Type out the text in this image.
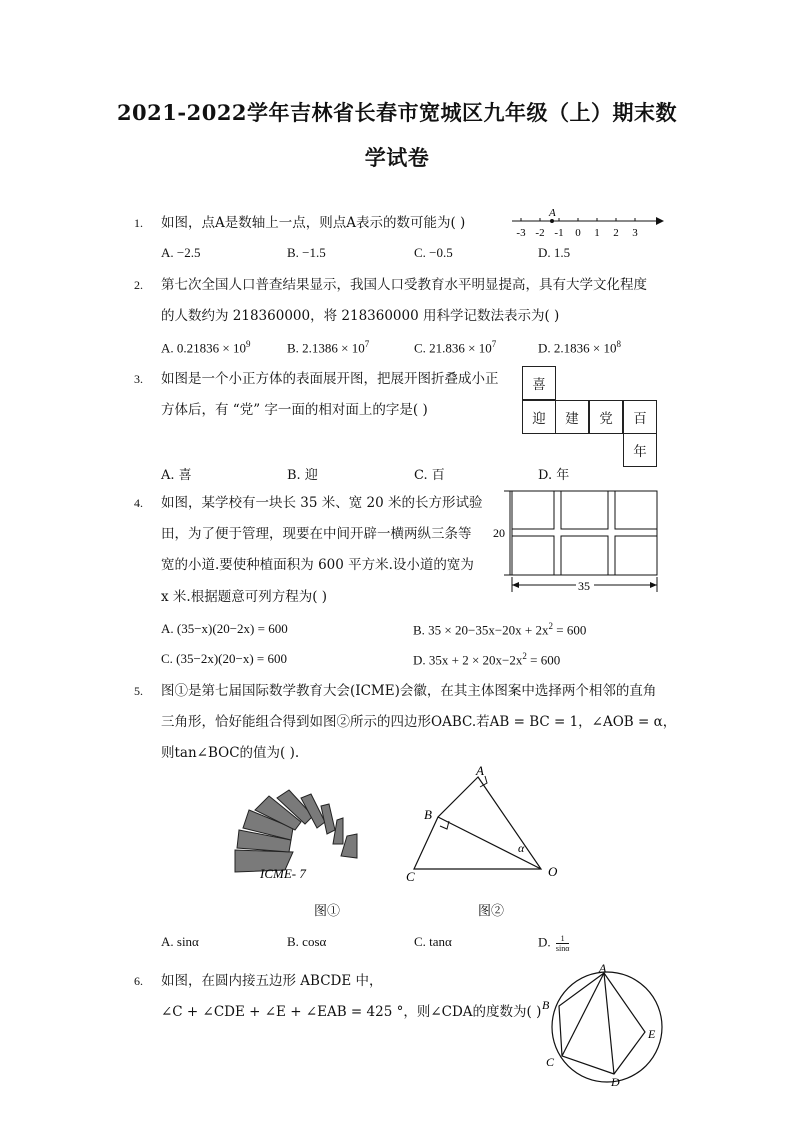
2021-2022学年吉林省长春市宽城区九年级（上）期末数
学试卷
1. 如图，点A是数轴上一点，则点A表示的数可能为( )
A. −2.5	B. −1.5	C. −0.5	D. 1.5
A
-3 -2 -1 0 1 2 3
2. 第七次全国人口普查结果显示，我国人口受教育水平明显提高，具有大学文化程度
的人数约为 218360000，将 218360000 用科学记数法表示为( )
A. $0.21836 \times 10^9$	B. $2.1386 \times 10^7$	C. $21.836 \times 10^7$	D. $2.1836 \times 10^8$
3. 如图是一个小正方体的表面展开图，把展开图折叠成小正
方体后，有 “党” 字一面的相对面上的字是( )
A. 喜	B. 迎	C. 百	D. 年
喜
迎	建	党	百
年
4. 如图，某学校有一块长 35 米、宽 20 米的长方形试验
田，为了便于管理，现要在中间开辟一横两纵三条等
宽的小道.要使种植面积为 600 平方米.设小道的宽为
x 米.根据题意可列方程为( )
A. (35−x)(20−2x) = 600	B. $35 \times 20-35x-20x + 2x^2 = 600$
C. (35−2x)(20−x) = 600	D. $35x + 2 \times 20x-2x^2 = 600$
20
35
5. 图①是第七届国际数学教育大会(ICME)会徽，在其主体图案中选择两个相邻的直角
三角形，恰好能组合得到如图②所示的四边形OABC.若AB = BC = 1，∠AOB = α，
则tan∠BOC的值为( ).
ICME- 7
图①
A
B
C	O
α
图②
A. sinα	B. cosα	C. tanα	D. $\frac{1}{\sin\alpha}$
6. 如图，在圆内接五边形 ABCDE 中，
∠C + ∠CDE + ∠E + ∠EAB = 425 °，则∠CDA的度数为( )
A
B
C
D
E
